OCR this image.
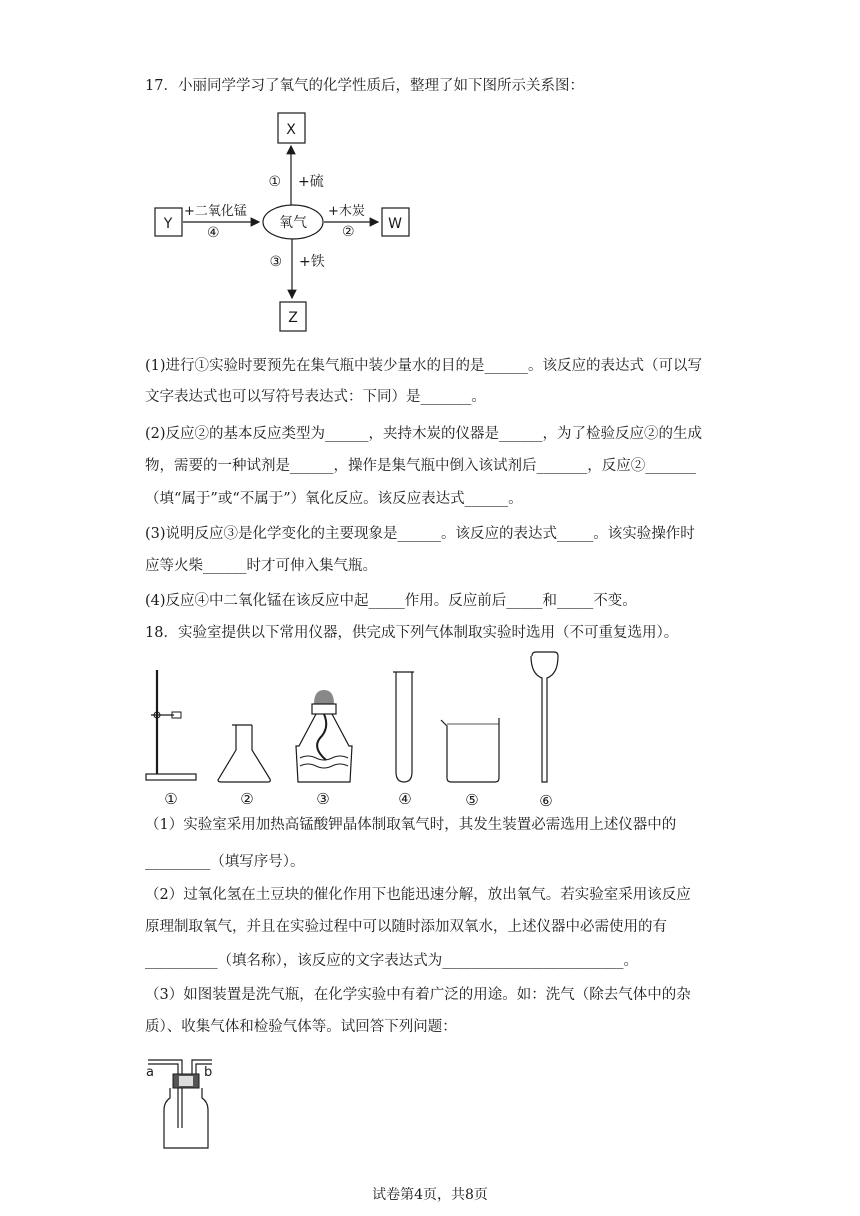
17．小丽同学学习了氧气的化学性质后，整理了如下图所示关系图：
X
Y	W
Z
氧气
① +硫
+木炭
②
③ +铁
+二氧化锰
④
(1)进行①实验时要预先在集气瓶中装少量水的目的是______。该反应的表达式（可以写
文字表达式也可以写符号表达式：下同）是_______。
(2)反应②的基本反应类型为______，夹持木炭的仪器是______，为了检验反应②的生成
物，需要的一种试剂是______，操作是集气瓶中倒入该试剂后_______，反应②_______
（填“属于”或“不属于”）氧化反应。该反应表达式______。
(3)说明反应③是化学变化的主要现象是______。该反应的表达式_____。该实验操作时
应等火柴______时才可伸入集气瓶。
(4)反应④中二氧化锰在该反应中起_____作用。反应前后_____和_____不变。
18．实验室提供以下常用仪器，供完成下列气体制取实验时选用（不可重复选用）。
①	②	③	④	⑤	⑥
（1）实验室采用加热高锰酸钾晶体制取氧气时，其发生装置必需选用上述仪器中的
_________（填写序号）。
（2）过氧化氢在土豆块的催化作用下也能迅速分解，放出氧气。若实验室采用该反应
原理制取氧气，并且在实验过程中可以随时添加双氧水，上述仪器中必需使用的有
__________（填名称），该反应的文字表达式为_________________________。
（3）如图装置是洗气瓶，在化学实验中有着广泛的用途。如：洗气（除去气体中的杂
质）、收集气体和检验气体等。试回答下列问题：
a	b
试卷第4页，共8页
